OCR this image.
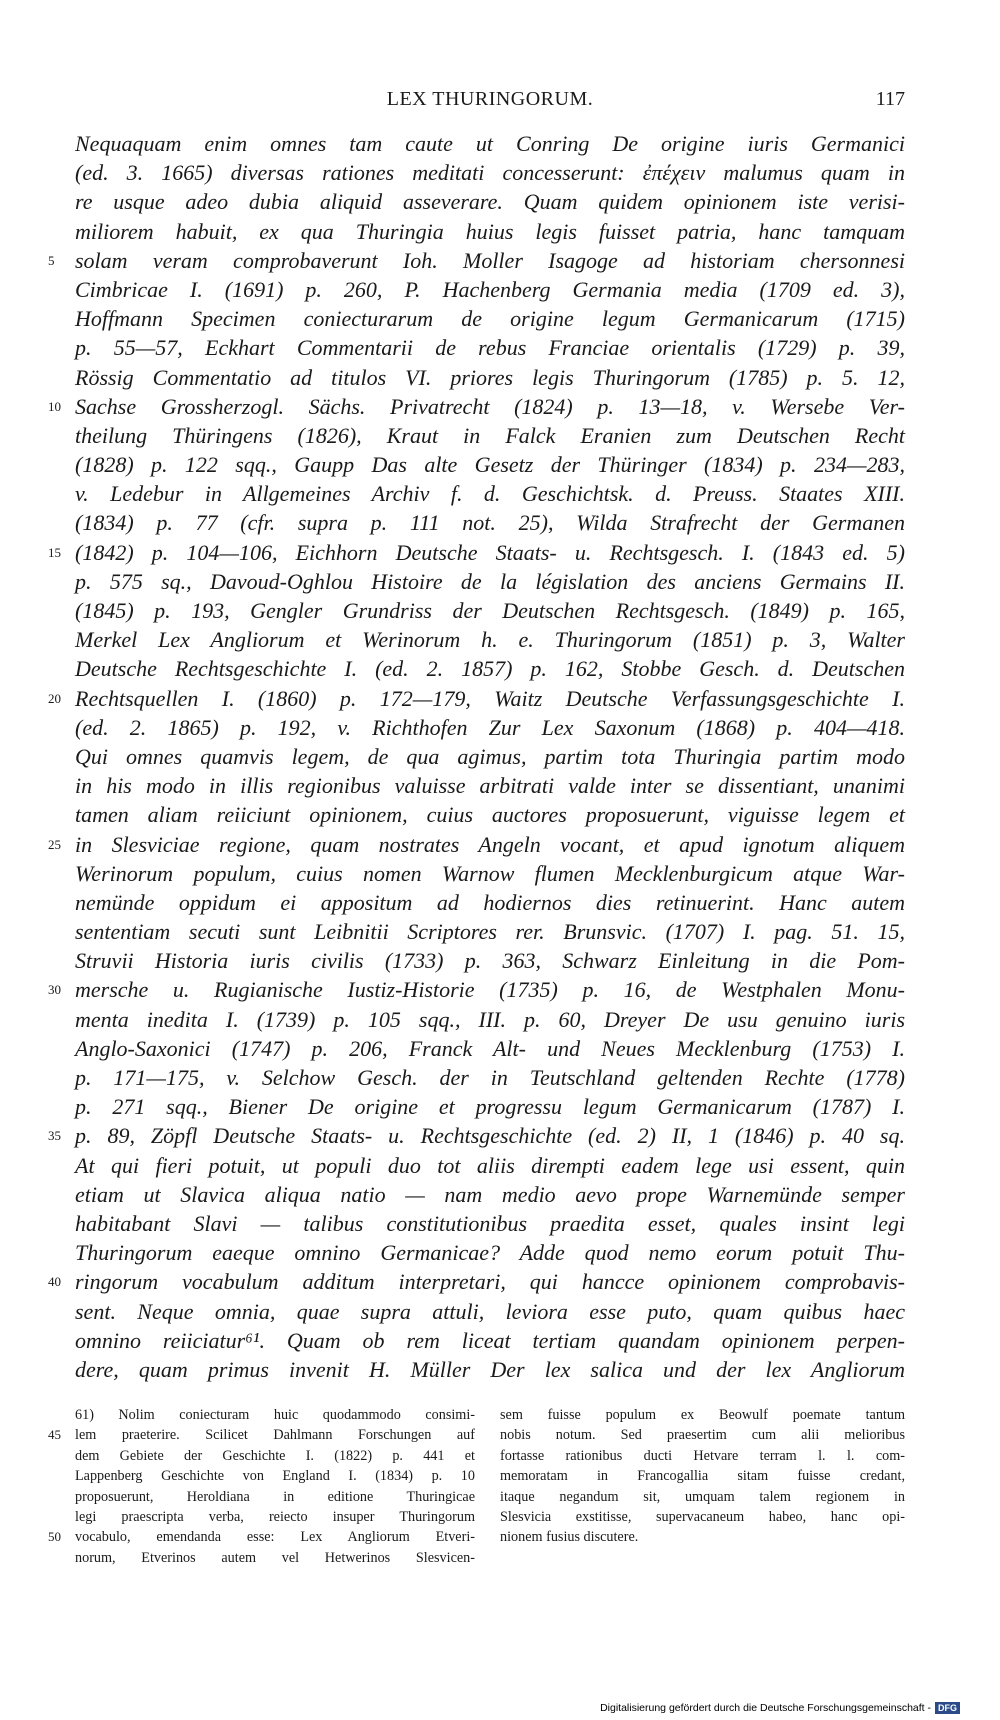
LEX THURINGORUM.	117
Nequaquam enim omnes tam caute ut Conring De origine iuris Germanici
(ed. 3. 1665) diversas rationes meditati concesserunt: ἐπέχειν malumus quam in
re usque adeo dubia aliquid asseverare. Quam quidem opinionem iste verisi-
miliorem habuit, ex qua Thuringia huius legis fuisset patria, hanc tamquam
5 solam veram comprobaverunt Ioh. Moller Isagoge ad historiam chersonnesi
Cimbricae I. (1691) p. 260, P. Hachenberg Germania media (1709 ed. 3),
Hoffmann Specimen coniecturarum de origine legum Germanicarum (1715)
p. 55—57, Eckhart Commentarii de rebus Franciae orientalis (1729) p. 39,
Rössig Commentatio ad titulos VI. priores legis Thuringorum (1785) p. 5. 12,
10 Sachse Grossherzogl. Sächs. Privatrecht (1824) p. 13—18, v. Wersebe Ver-
theilung Thüringens (1826), Kraut in Falck Eranien zum Deutschen Recht
(1828) p. 122 sqq., Gaupp Das alte Gesetz der Thüringer (1834) p. 234—283,
v. Ledebur in Allgemeines Archiv f. d. Geschichtsk. d. Preuss. Staates XIII.
(1834) p. 77 (cfr. supra p. 111 not. 25), Wilda Strafrecht der Germanen
15 (1842) p. 104—106, Eichhorn Deutsche Staats- u. Rechtsgesch. I. (1843 ed. 5)
p. 575 sq., Davoud-Oghlou Histoire de la législation des anciens Germains II.
(1845) p. 193, Gengler Grundriss der Deutschen Rechtsgesch. (1849) p. 165,
Merkel Lex Angliorum et Werinorum h. e. Thuringorum (1851) p. 3, Walter
Deutsche Rechtsgeschichte I. (ed. 2. 1857) p. 162, Stobbe Gesch. d. Deutschen
20 Rechtsquellen I. (1860) p. 172—179, Waitz Deutsche Verfassungsgeschichte I.
(ed. 2. 1865) p. 192, v. Richthofen Zur Lex Saxonum (1868) p. 404—418.
Qui omnes quamvis legem, de qua agimus, partim tota Thuringia partim modo
in his modo in illis regionibus valuisse arbitrati valde inter se dissentiant, unanimi
tamen aliam reiiciunt opinionem, cuius auctores proposuerunt, viguisse legem et
25 in Slesviciae regione, quam nostrates Angeln vocant, et apud ignotum aliquem
Werinorum populum, cuius nomen Warnow flumen Mecklenburgicum atque War-
nemünde oppidum ei appositum ad hodiernos dies retinuerint. Hanc autem
sententiam secuti sunt Leibnitii Scriptores rer. Brunsvic. (1707) I. pag. 51. 15,
Struvii Historia iuris civilis (1733) p. 363, Schwarz Einleitung in die Pom-
30 mersche u. Rugianische Iustiz-Historie (1735) p. 16, de Westphalen Monu-
menta inedita I. (1739) p. 105 sqq., III. p. 60, Dreyer De usu genuino iuris
Anglo-Saxonici (1747) p. 206, Franck Alt- und Neues Mecklenburg (1753) I.
p. 171—175, v. Selchow Gesch. der in Teutschland geltenden Rechte (1778)
p. 271 sqq., Biener De origine et progressu legum Germanicarum (1787) I.
35 p. 89, Zöpfl Deutsche Staats- u. Rechtsgeschichte (ed. 2) II, 1 (1846) p. 40 sq.
At qui fieri potuit, ut populi duo tot aliis dirempti eadem lege usi essent, quin
etiam ut Slavica aliqua natio — nam medio aevo prope Warnemünde semper
habitabant Slavi — talibus constitutionibus praedita esset, quales insint legi
Thuringorum eaeque omnino Germanicae? Adde quod nemo eorum potuit Thu-
40 ringorum vocabulum additum interpretari, qui hancce opinionem comprobavis-
sent. Neque omnia, quae supra attuli, leviora esse puto, quam quibus haec
omnino reiiciatur⁶¹. Quam ob rem liceat tertiam quandam opinionem perpen-
dere, quam primus invenit H. Müller Der lex salica und der lex Angliorum
61) Nolim coniecturam huic quodammodo consimi-
45 lem praeterire. Scilicet Dahlmann Forschungen auf
dem Gebiete der Geschichte I. (1822) p. 441 et
Lappenberg Geschichte von England I. (1834) p. 10
proposuerunt, Heroldiana in editione Thuringicae
legi praescripta verba, reiecto insuper Thuringorum
50 vocabulo, emendanda esse: Lex Angliorum Etveri-
norum, Etverinos autem vel Hetwerinos Slesvicen-
sem fuisse populum ex Beowulf poemate tantum
nobis notum. Sed praesertim cum alii melioribus
fortasse rationibus ducti Hetvare terram l. l. com-
memoratam in Francogallia sitam fuisse credant,
itaque negandum sit, umquam talem regionem in
Slesvicia exstitisse, supervacaneum habeo, hanc opi-
nionem fusius discutere.
Digitalisierung gefördert durch die Deutsche Forschungsgemeinschaft - DFG
